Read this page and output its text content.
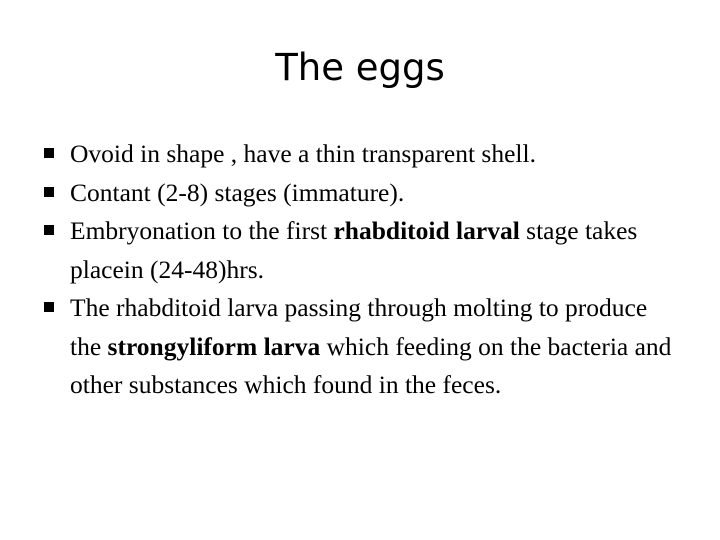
The eggs
Ovoid in shape , have a thin transparent shell.
Contant (2-8) stages (immature).
Embryonation to the first rhabditoid larval stage takes placein (24-48)hrs.
The rhabditoid larva passing through molting to produce the strongyliform larva which feeding on the bacteria and other substances which found in the feces.
